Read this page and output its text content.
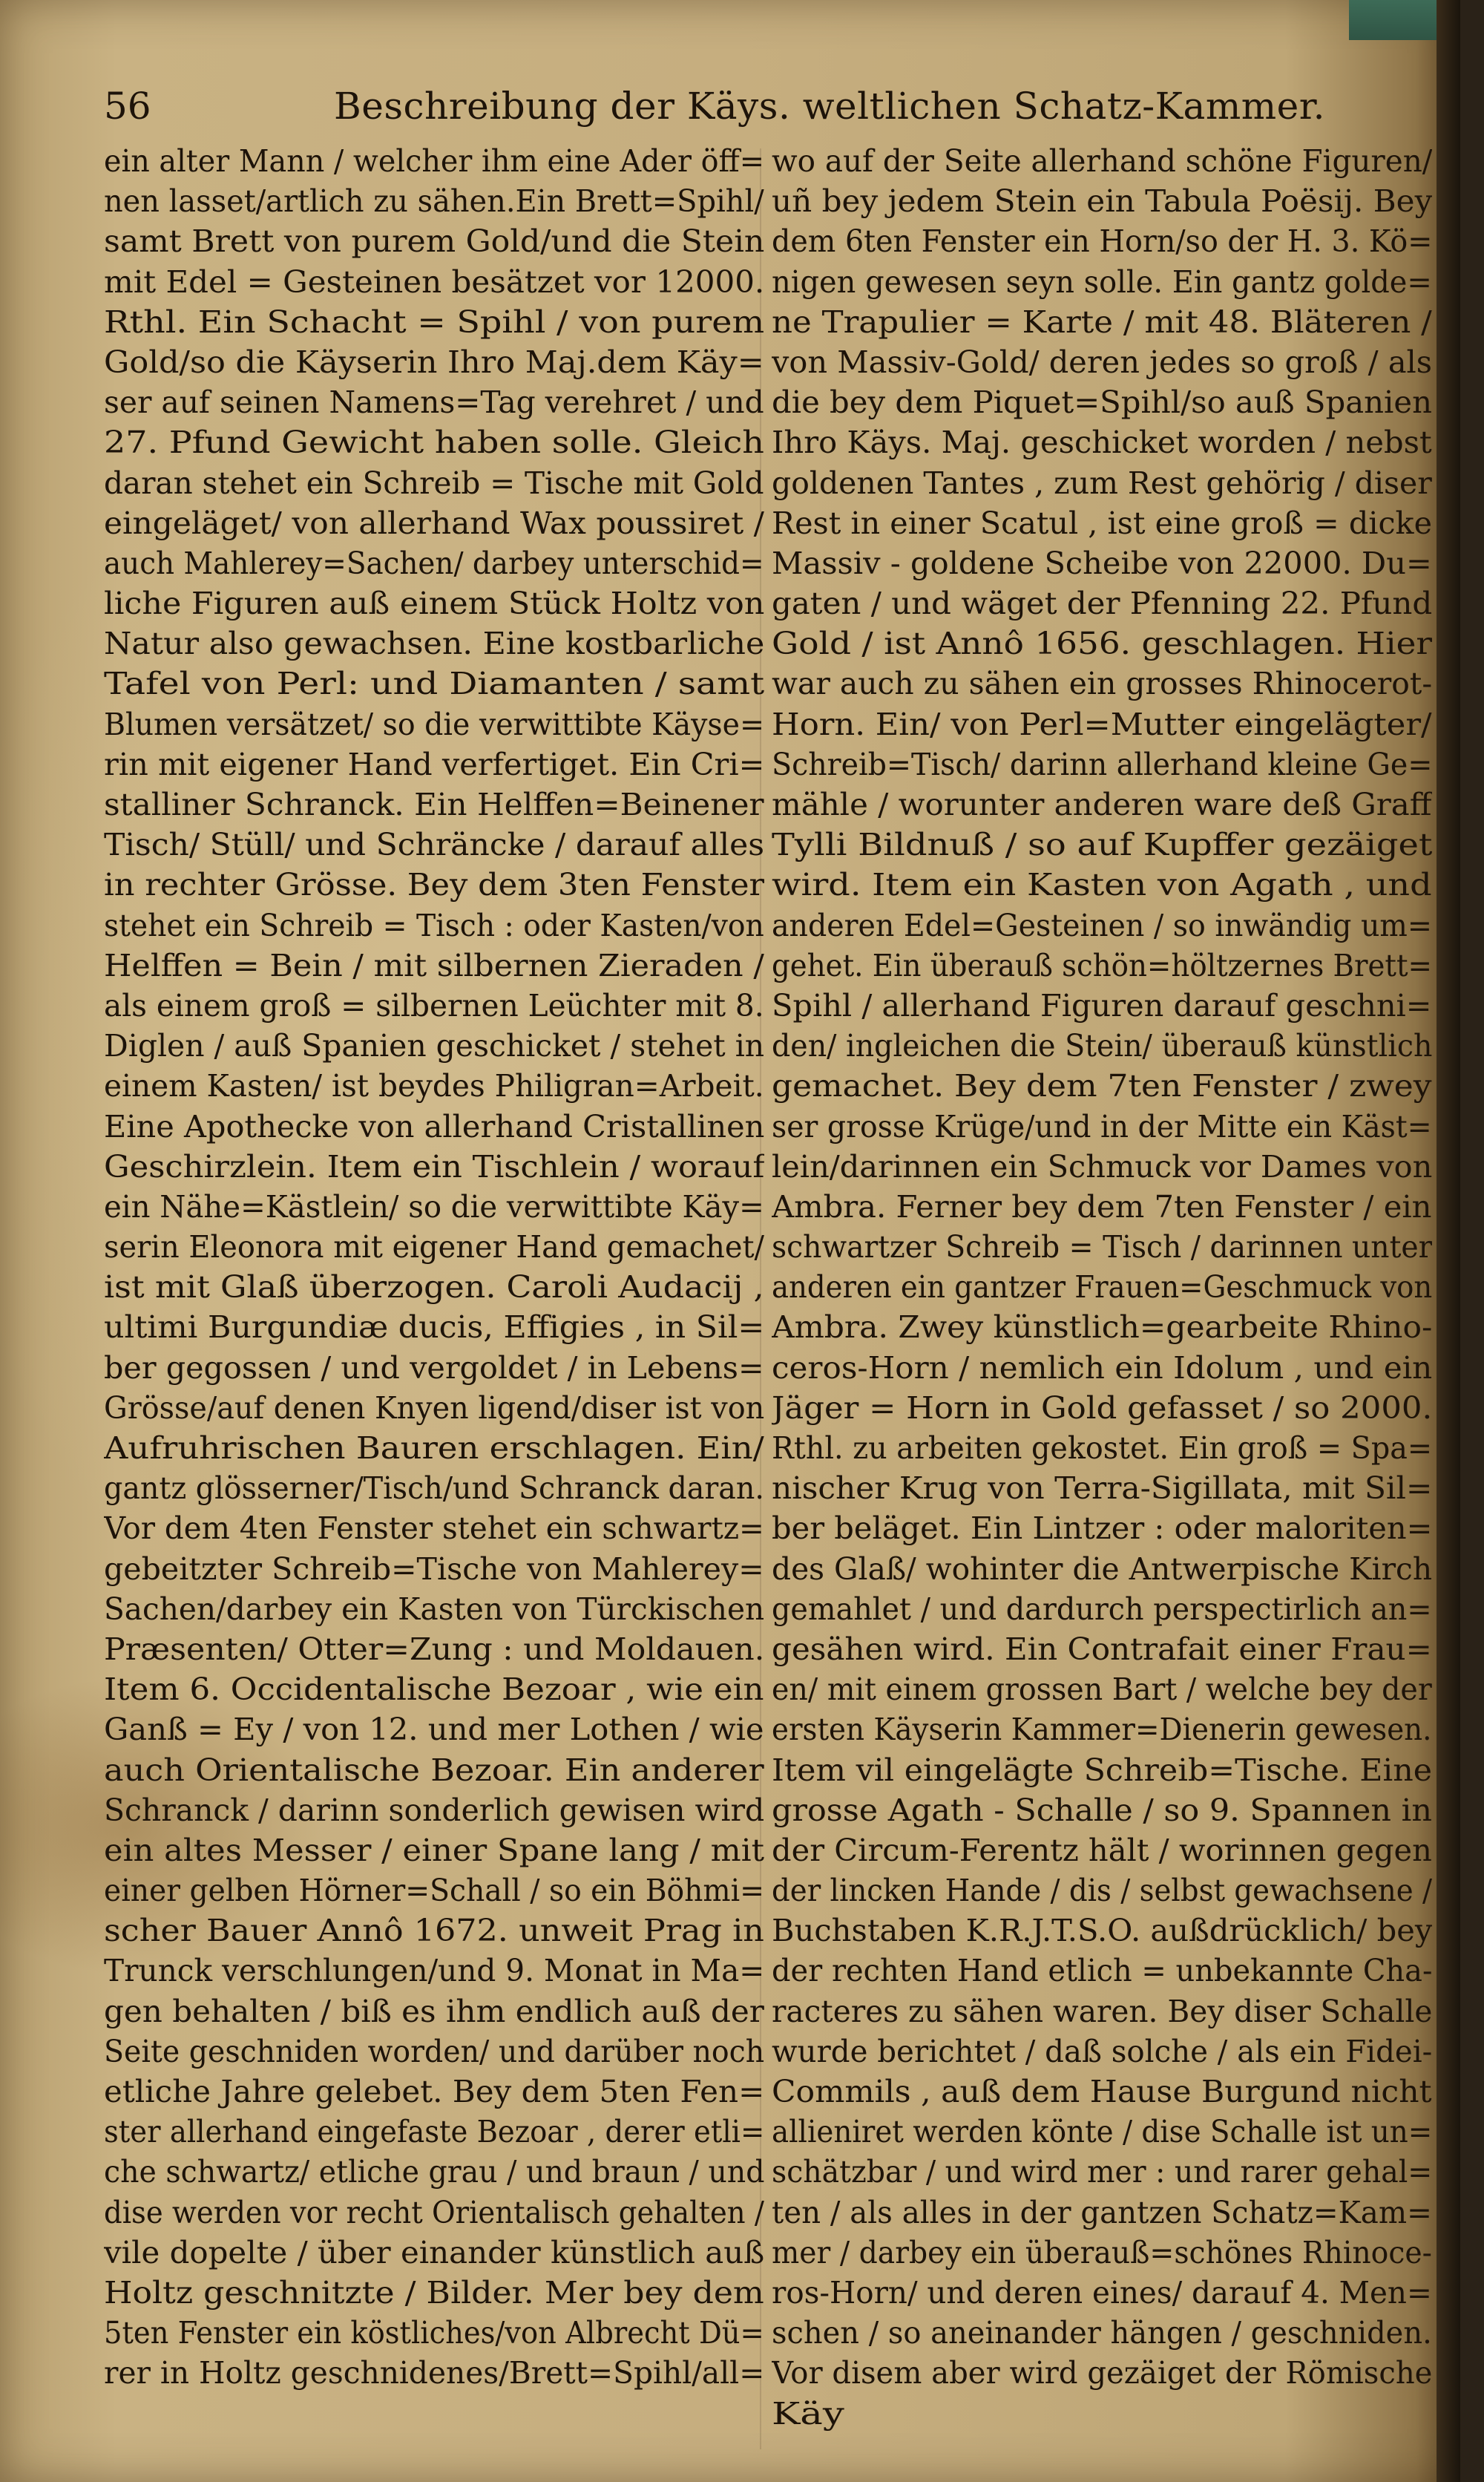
56	Beschreibung der Käys. weltlichen Schatz-Kammer.
ein alter Mann / welcher ihm eine Ader öff=
nen lasset/artlich zu sähen.Ein Brett=Spihl/
samt Brett von purem Gold/und die Stein
mit Edel = Gesteinen besätzet vor 12000.
Rthl. Ein Schacht = Spihl / von purem
Gold/so die Käyserin Ihro Maj.dem Käy=
ser auf seinen Namens=Tag verehret / und
27. Pfund Gewicht haben solle. Gleich
daran stehet ein Schreib = Tische mit Gold
eingeläget/ von allerhand Wax poussiret /
auch Mahlerey=Sachen/ darbey unterschid=
liche Figuren auß einem Stück Holtz von
Natur also gewachsen. Eine kostbarliche
Tafel von Perl: und Diamanten / samt
Blumen versätzet/ so die verwittibte Käyse=
rin mit eigener Hand verfertiget. Ein Cri=
stalliner Schranck. Ein Helffen=Beinener
Tisch/ Stüll/ und Schräncke / darauf alles
in rechter Grösse. Bey dem 3ten Fenster
stehet ein Schreib = Tisch : oder Kasten/von
Helffen = Bein / mit silbernen Zieraden /
als einem groß = silbernen Leüchter mit 8.
Diglen / auß Spanien geschicket / stehet in
einem Kasten/ ist beydes Philigran=Arbeit.
Eine Apothecke von allerhand Cristallinen
Geschirzlein. Item ein Tischlein / worauf
ein Nähe=Kästlein/ so die verwittibte Käy=
serin Eleonora mit eigener Hand gemachet/
ist mit Glaß überzogen. Caroli Audacij ,
ultimi Burgundiæ ducis, Effigies , in Sil=
ber gegossen / und vergoldet / in Lebens=
Grösse/auf denen Knyen ligend/diser ist von
Aufruhrischen Bauren erschlagen. Ein/
gantz glösserner/Tisch/und Schranck daran.
Vor dem 4ten Fenster stehet ein schwartz=
gebeitzter Schreib=Tische von Mahlerey=
Sachen/darbey ein Kasten von Türckischen
Præsenten/ Otter=Zung : und Moldauen.
Item 6. Occidentalische Bezoar , wie ein
Ganß = Ey / von 12. und mer Lothen / wie
auch Orientalische Bezoar. Ein anderer
Schranck / darinn sonderlich gewisen wird
ein altes Messer / einer Spane lang / mit
einer gelben Hörner=Schall / so ein Böhmi=
scher Bauer Annô 1672. unweit Prag in
Trunck verschlungen/und 9. Monat in Ma=
gen behalten / biß es ihm endlich auß der
Seite geschniden worden/ und darüber noch
etliche Jahre gelebet. Bey dem 5ten Fen=
ster allerhand eingefaste Bezoar , derer etli=
che schwartz/ etliche grau / und braun / und
dise werden vor recht Orientalisch gehalten /
vile dopelte / über einander künstlich auß
Holtz geschnitzte / Bilder. Mer bey dem
5ten Fenster ein köstliches/von Albrecht Dü=
rer in Holtz geschnidenes/Brett=Spihl/all=
wo auf der Seite allerhand schöne Figuren/
uñ bey jedem Stein ein Tabula Poësij. Bey
dem 6ten Fenster ein Horn/so der H. 3. Kö=
nigen gewesen seyn solle. Ein gantz golde=
ne Trapulier = Karte / mit 48. Bläteren /
von Massiv-Gold/ deren jedes so groß / als
die bey dem Piquet=Spihl/so auß Spanien
Ihro Käys. Maj. geschicket worden / nebst
goldenen Tantes , zum Rest gehörig / diser
Rest in einer Scatul , ist eine groß = dicke
Massiv - goldene Scheibe von 22000. Du=
gaten / und wäget der Pfenning 22. Pfund
Gold / ist Annô 1656. geschlagen. Hier
war auch zu sähen ein grosses Rhinocerot-
Horn. Ein/ von Perl=Mutter eingelägter/
Schreib=Tisch/ darinn allerhand kleine Ge=
mähle / worunter anderen ware deß Graff
Tylli Bildnuß / so auf Kupffer gezäiget
wird. Item ein Kasten von Agath , und
anderen Edel=Gesteinen / so inwändig um=
gehet. Ein überauß schön=höltzernes Brett=
Spihl / allerhand Figuren darauf geschni=
den/ ingleichen die Stein/ überauß künstlich
gemachet. Bey dem 7ten Fenster / zwey
ser grosse Krüge/und in der Mitte ein Käst=
lein/darinnen ein Schmuck vor Dames von
Ambra. Ferner bey dem 7ten Fenster / ein
schwartzer Schreib = Tisch / darinnen unter
anderen ein gantzer Frauen=Geschmuck von
Ambra. Zwey künstlich=gearbeite Rhino-
ceros-Horn / nemlich ein Idolum , und ein
Jäger = Horn in Gold gefasset / so 2000.
Rthl. zu arbeiten gekostet. Ein groß = Spa=
nischer Krug von Terra-Sigillata, mit Sil=
ber beläget. Ein Lintzer : oder maloriten=
des Glaß/ wohinter die Antwerpische Kirch
gemahlet / und dardurch perspectirlich an=
gesähen wird. Ein Contrafait einer Frau=
en/ mit einem grossen Bart / welche bey der
ersten Käyserin Kammer=Dienerin gewesen.
Item vil eingelägte Schreib=Tische. Eine
grosse Agath - Schalle / so 9. Spannen in
der Circum-Ferentz hält / worinnen gegen
der lincken Hande / dis / selbst gewachsene /
Buchstaben K.R.J.T.S.O. außdrücklich/ bey
der rechten Hand etlich = unbekannte Cha-
racteres zu sähen waren. Bey diser Schalle
wurde berichtet / daß solche / als ein Fidei-
Commils , auß dem Hause Burgund nicht
allieniret werden könte / dise Schalle ist un=
schätzbar / und wird mer : und rarer gehal=
ten / als alles in der gantzen Schatz=Kam=
mer / darbey ein überauß=schönes Rhinoce-
ros-Horn/ und deren eines/ darauf 4. Men=
schen / so aneinander hängen / geschniden.
Vor disem aber wird gezäiget der Römische
Käy
